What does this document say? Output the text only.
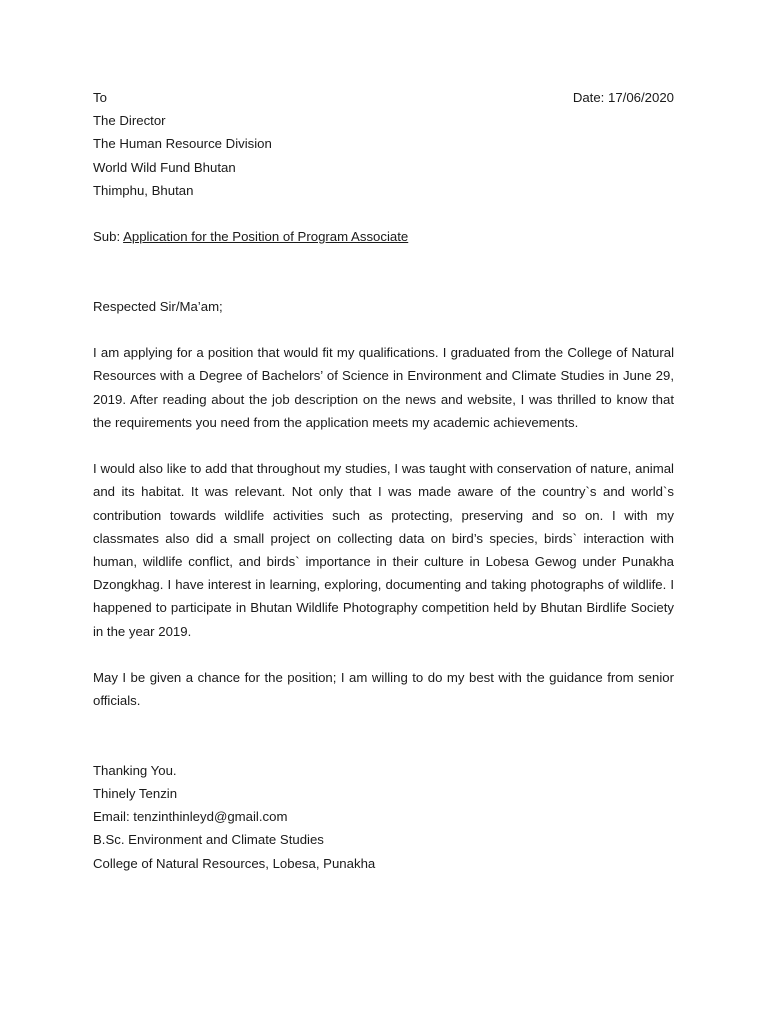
To	Date: 17/06/2020
The Director
The Human Resource Division
World Wild Fund Bhutan
Thimphu, Bhutan
Sub: Application for the Position of Program Associate
Respected Sir/Ma’am;

I am applying for a position that would fit my qualifications. I graduated from the College of Natural Resources with a Degree of Bachelors’ of Science in Environment and Climate Studies in June 29, 2019. After reading about the job description on the news and website, I was thrilled to know that the requirements you need from the application meets my academic achievements.

I would also like to add that throughout my studies, I was taught with conservation of nature, animal and its habitat. It was relevant. Not only that I was made aware of the country`s and world`s contribution towards wildlife activities such as protecting, preserving and so on. I with my classmates also did a small project on collecting data on bird’s species, birds` interaction with human, wildlife conflict, and birds` importance in their culture in Lobesa Gewog under Punakha Dzongkhag. I have interest in learning, exploring, documenting and taking photographs of wildlife. I happened to participate in Bhutan Wildlife Photography competition held by Bhutan Birdlife Society in the year 2019.

May I be given a chance for the position; I am willing to do my best with the guidance from senior officials.

Thanking You.
Thinely Tenzin
Email: tenzinthinleyd@gmail.com
B.Sc. Environment and Climate Studies
College of Natural Resources, Lobesa, Punakha
